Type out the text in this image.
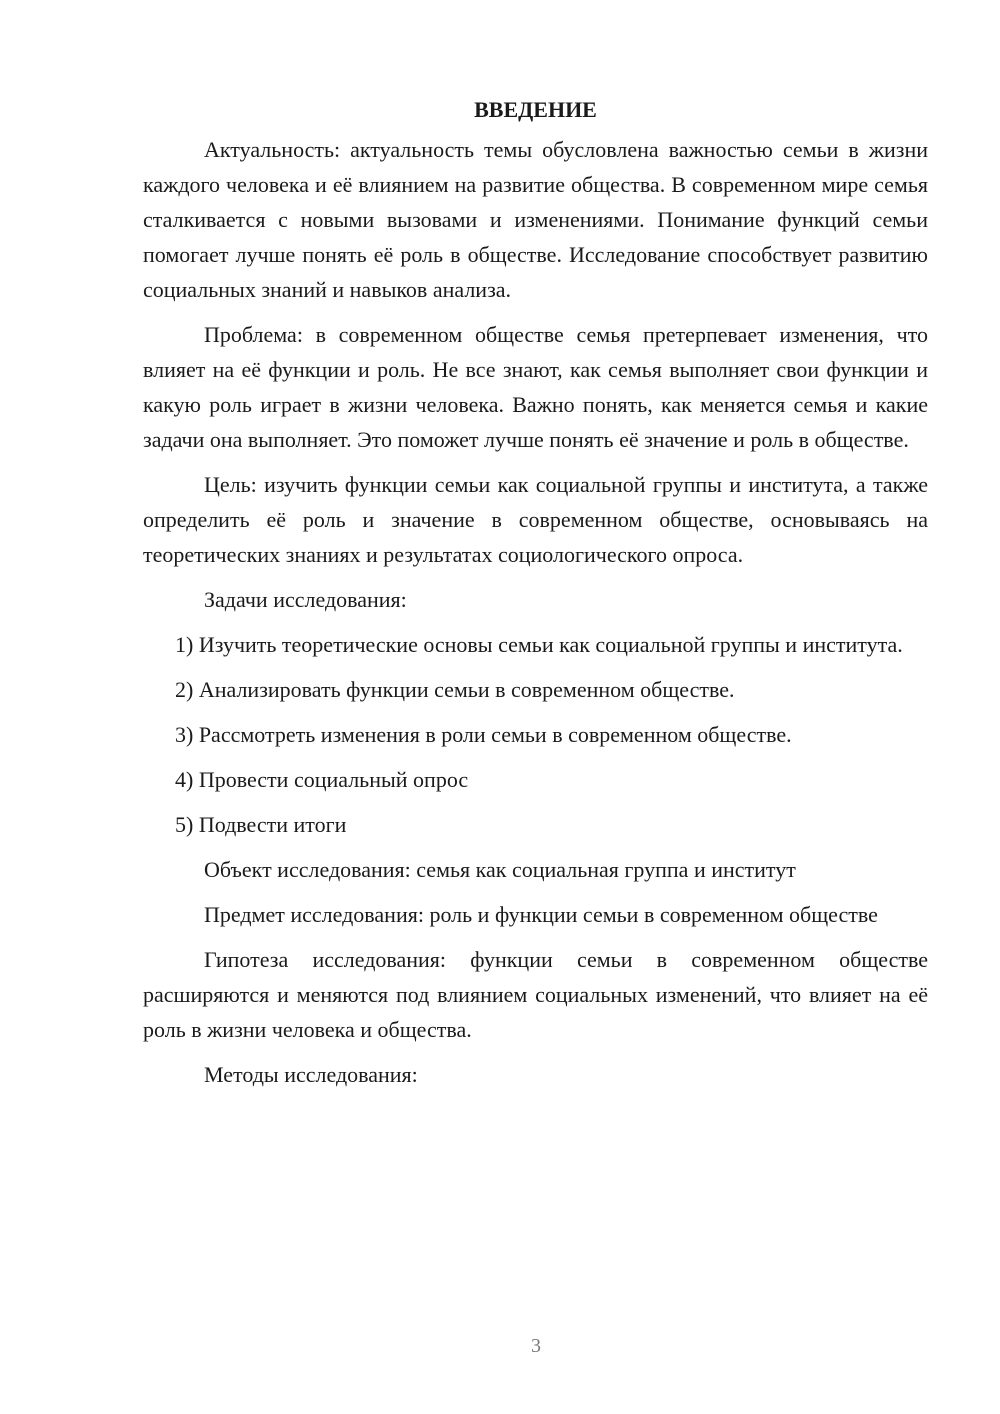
ВВЕДЕНИЕ

Актуальность: актуальность темы обусловлена важностью семьи в жизни каждого человека и её влиянием на развитие общества. В современном мире семья сталкивается с новыми вызовами и изменениями. Понимание функций семьи помогает лучше понять её роль в обществе. Исследование способствует развитию социальных знаний и навыков анализа.

Проблема: в современном обществе семья претерпевает изменения, что влияет на её функции и роль. Не все знают, как семья выполняет свои функции и какую роль играет в жизни человека. Важно понять, как меняется семья и какие задачи она выполняет. Это поможет лучше понять её значение и роль в обществе.

Цель: изучить функции семьи как социальной группы и института, а также определить её роль и значение в современном обществе, основываясь на теоретических знаниях и результатах социологического опроса.

Задачи исследования:

1) Изучить теоретические основы семьи как социальной группы и института.

2) Анализировать функции семьи в современном обществе.

3) Рассмотреть изменения в роли семьи в современном обществе.

4) Провести социальный опрос

5) Подвести итоги

Объект исследования: семья как социальная группа и институт

Предмет исследования: роль и функции семьи в современном обществе

Гипотеза исследования: функции семьи в современном обществе расширяются и меняются под влиянием социальных изменений, что влияет на её роль в жизни человека и общества.

Методы исследования:

3
